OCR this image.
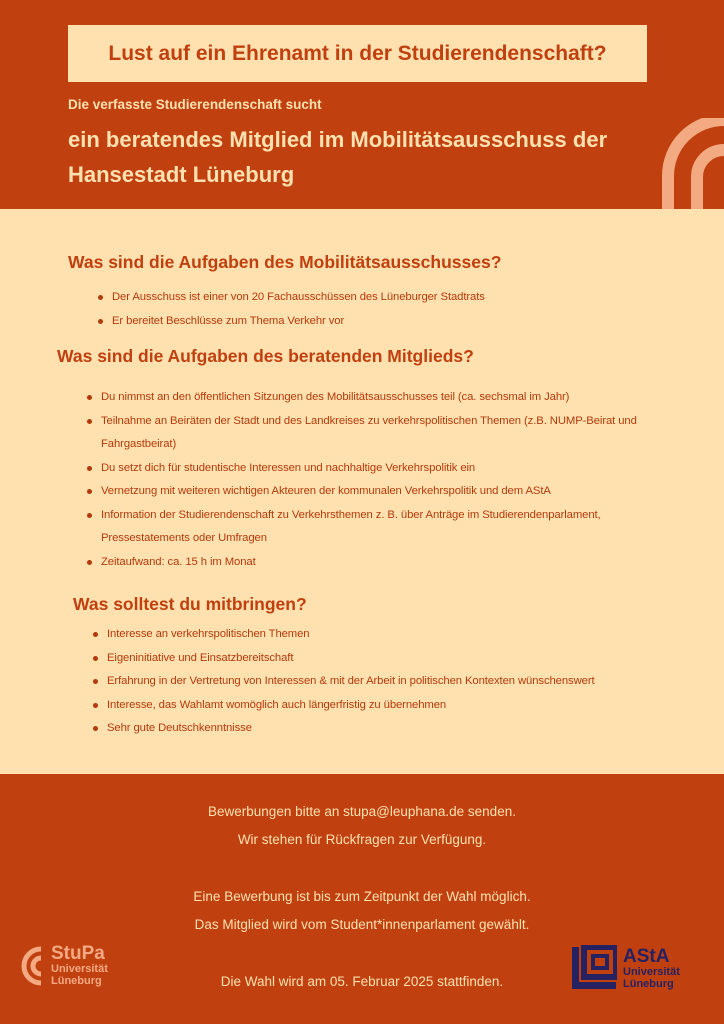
Lust auf ein Ehrenamt in der Studierendenschaft?
Die verfasste Studierendenschaft sucht
ein beratendes Mitglied im Mobilitätsausschuss der Hansestadt Lüneburg
Was sind die Aufgaben des Mobilitätsausschusses?
Der Ausschuss ist einer von 20 Fachausschüssen des Lüneburger Stadtrats
Er bereitet Beschlüsse zum Thema Verkehr vor
Was sind die Aufgaben des beratenden Mitglieds?
Du nimmst an den öffentlichen Sitzungen des Mobilitätsausschusses teil (ca. sechsmal im Jahr)
Teilnahme an Beiräten der Stadt und des Landkreises zu verkehrspolitischen Themen (z.B. NUMP-Beirat und Fahrgastbeirat)
Du setzt dich für studentische Interessen und nachhaltige Verkehrspolitik ein
Vernetzung mit weiteren wichtigen Akteuren der kommunalen Verkehrspolitik und dem AStA
Information der Studierendenschaft zu Verkehrsthemen z. B. über Anträge im Studierendenparlament, Pressestatements oder Umfragen
Zeitaufwand: ca. 15 h im Monat
Was solltest du mitbringen?
Interesse an verkehrspolitischen Themen
Eigeninitiative und Einsatzbereitschaft
Erfahrung in der Vertretung von Interessen & mit der Arbeit in politischen Kontexten wünschenswert
Interesse, das Wahlamt womöglich auch längerfristig zu übernehmen
Sehr gute Deutschkenntnisse
Bewerbungen bitte an stupa@leuphana.de senden.
Wir stehen für Rückfragen zur Verfügung.
Eine Bewerbung ist bis zum Zeitpunkt der Wahl möglich.
Das Mitglied wird vom Student*innenparlament gewählt.
Die Wahl wird am 05. Februar 2025 stattfinden.
StuPa
Universität
Lüneburg
AStA
Universität
Lüneburg
